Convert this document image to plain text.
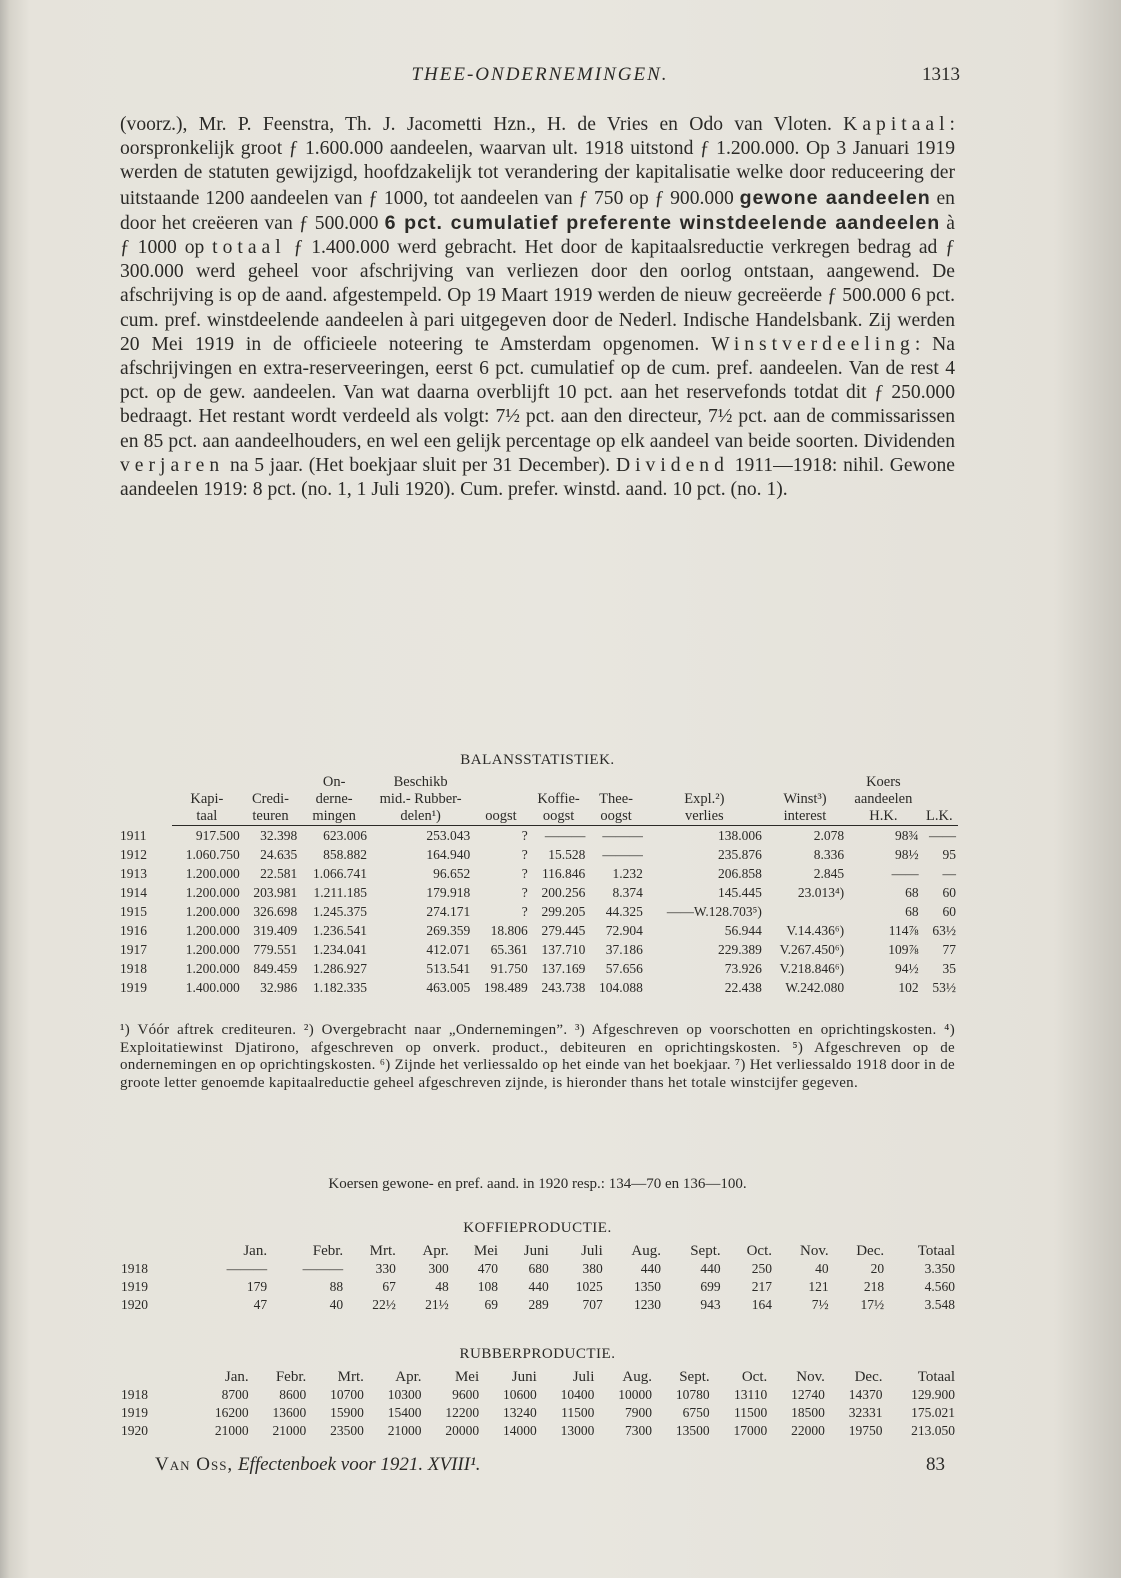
THEE-ONDERNEMINGEN.	1313

(voorz.), Mr. P. Feenstra, Th. J. Jacometti Hzn., H. de Vries en Odo van Vloten. Kapitaal: oorspronkelijk groot ƒ 1.600.000 aandeelen, waarvan ult. 1918 uitstond ƒ 1.200.000. Op 3 Januari 1919 werden de statuten gewijzigd, hoofdzakelijk tot verandering der kapitalisatie welke door reduceering der uitstaande 1200 aandeelen van ƒ 1000, tot aandeelen van ƒ 750 op ƒ 900.000 gewone aandeelen en door het creëeren van ƒ 500.000 6 pct. cumulatief preferente winstdeelende aandeelen à ƒ 1000 op totaal ƒ 1.400.000 werd gebracht. Het door de kapitaalsreductie verkregen bedrag ad ƒ 300.000 werd geheel voor afschrijving van verliezen door den oorlog ontstaan, aangewend. De afschrijving is op de aand. afgestempeld. Op 19 Maart 1919 werden de nieuw gecreëerde ƒ 500.000 6 pct. cum. pref. winstdeelende aandeelen à pari uitgegeven door de Nederl. Indische Handelsbank. Zij werden 20 Mei 1919 in de officieele noteering te Amsterdam opgenomen. Winstverdeeling: Na afschrijvingen en extra-reserveeringen, eerst 6 pct. cumulatief op de cum. pref. aandeelen. Van de rest 4 pct. op de gew. aandeelen. Van wat daarna overblijft 10 pct. aan het reservefonds totdat dit ƒ 250.000 bedraagt. Het restant wordt verdeeld als volgt: 7½ pct. aan den directeur, 7½ pct. aan de commissarissen en 85 pct. aan aandeelhouders, en wel een gelijk percentage op elk aandeel van beide soorten. Dividenden verjaren na 5 jaar. (Het boekjaar sluit per 31 December). Dividend 1911—1918: nihil. Gewone aandeelen 1919: 8 pct. (no. 1, 1 Juli 1920). Cum. prefer. winstd. aand. 10 pct. (no. 1).

BALANSSTATISTIEK.
			On-	Beschikb						Koers	
	Kapi-	Credi-	derne-	mid.- Rubber-		Koffie-	Thee-	Expl.²)	Winst³)	aandeelen	
	taal	teuren	mingen	delen¹)	oogst	oogst	oogst	verlies	interest	H.K.	L.K.
1911	917.500	32.398	623.006	253.043	?	———	———	138.006	2.078	98¾	——
1912	1.060.750	24.635	858.882	164.940	?	15.528	———	235.876	8.336	98½	95
1913	1.200.000	22.581	1.066.741	96.652	?	116.846	1.232	206.858	2.845	——	—
1914	1.200.000	203.981	1.211.185	179.918	?	200.256	8.374	145.445	23.013⁴)	68	60
1915	1.200.000	326.698	1.245.375	274.171	?	299.205	44.325	——W.128.703⁵)		68	60
1916	1.200.000	319.409	1.236.541	269.359	18.806	279.445	72.904	56.944	V.14.436⁶)	114⅞	63½
1917	1.200.000	779.551	1.234.041	412.071	65.361	137.710	37.186	229.389	V.267.450⁶)	109⅞	77
1918	1.200.000	849.459	1.286.927	513.541	91.750	137.169	57.656	73.926	V.218.846⁶)	94½	35
1919	1.400.000	32.986	1.182.335	463.005	198.489	243.738	104.088	22.438	W.242.080	102	53½
¹) Vóór aftrek crediteuren. ²) Overgebracht naar „Ondernemingen”. ³) Afgeschreven op voorschotten en oprichtingskosten. ⁴) Exploitatiewinst Djatirono, afgeschreven op onverk. product., debiteuren en oprichtingskosten. ⁵) Afgeschreven op de ondernemingen en op oprichtingskosten. ⁶) Zijnde het verliessaldo op het einde van het boekjaar. ⁷) Het verliessaldo 1918 door in de groote letter genoemde kapitaalreductie geheel afgeschreven zijnde, is hieronder thans het totale winstcijfer gegeven.
Koersen gewone- en pref. aand. in 1920 resp.: 134—70 en 136—100.
KOFFIEPRODUCTIE.
	Jan.	Febr.	Mrt.	Apr.	Mei	Juni	Juli	Aug.	Sept.	Oct.	Nov.	Dec.	Totaal
1918	———	———	330	300	470	680	380	440	440	250	40	20	3.350
1919	179	88	67	48	108	440	1025	1350	699	217	121	218	4.560
1920	47	40	22½	21½	69	289	707	1230	943	164	7½	17½	3.548
RUBBERPRODUCTIE.
	Jan.	Febr.	Mrt.	Apr.	Mei	Juni	Juli	Aug.	Sept.	Oct.	Nov.	Dec.	Totaal
1918	8700	8600	10700	10300	9600	10600	10400	10000	10780	13110	12740	14370	129.900
1919	16200	13600	15900	15400	12200	13240	11500	7900	6750	11500	18500	32331	175.021
1920	21000	21000	23500	21000	20000	14000	13000	7300	13500	17000	22000	19750	213.050
Van Oss, Effectenboek voor 1921. XVIII¹.	83
